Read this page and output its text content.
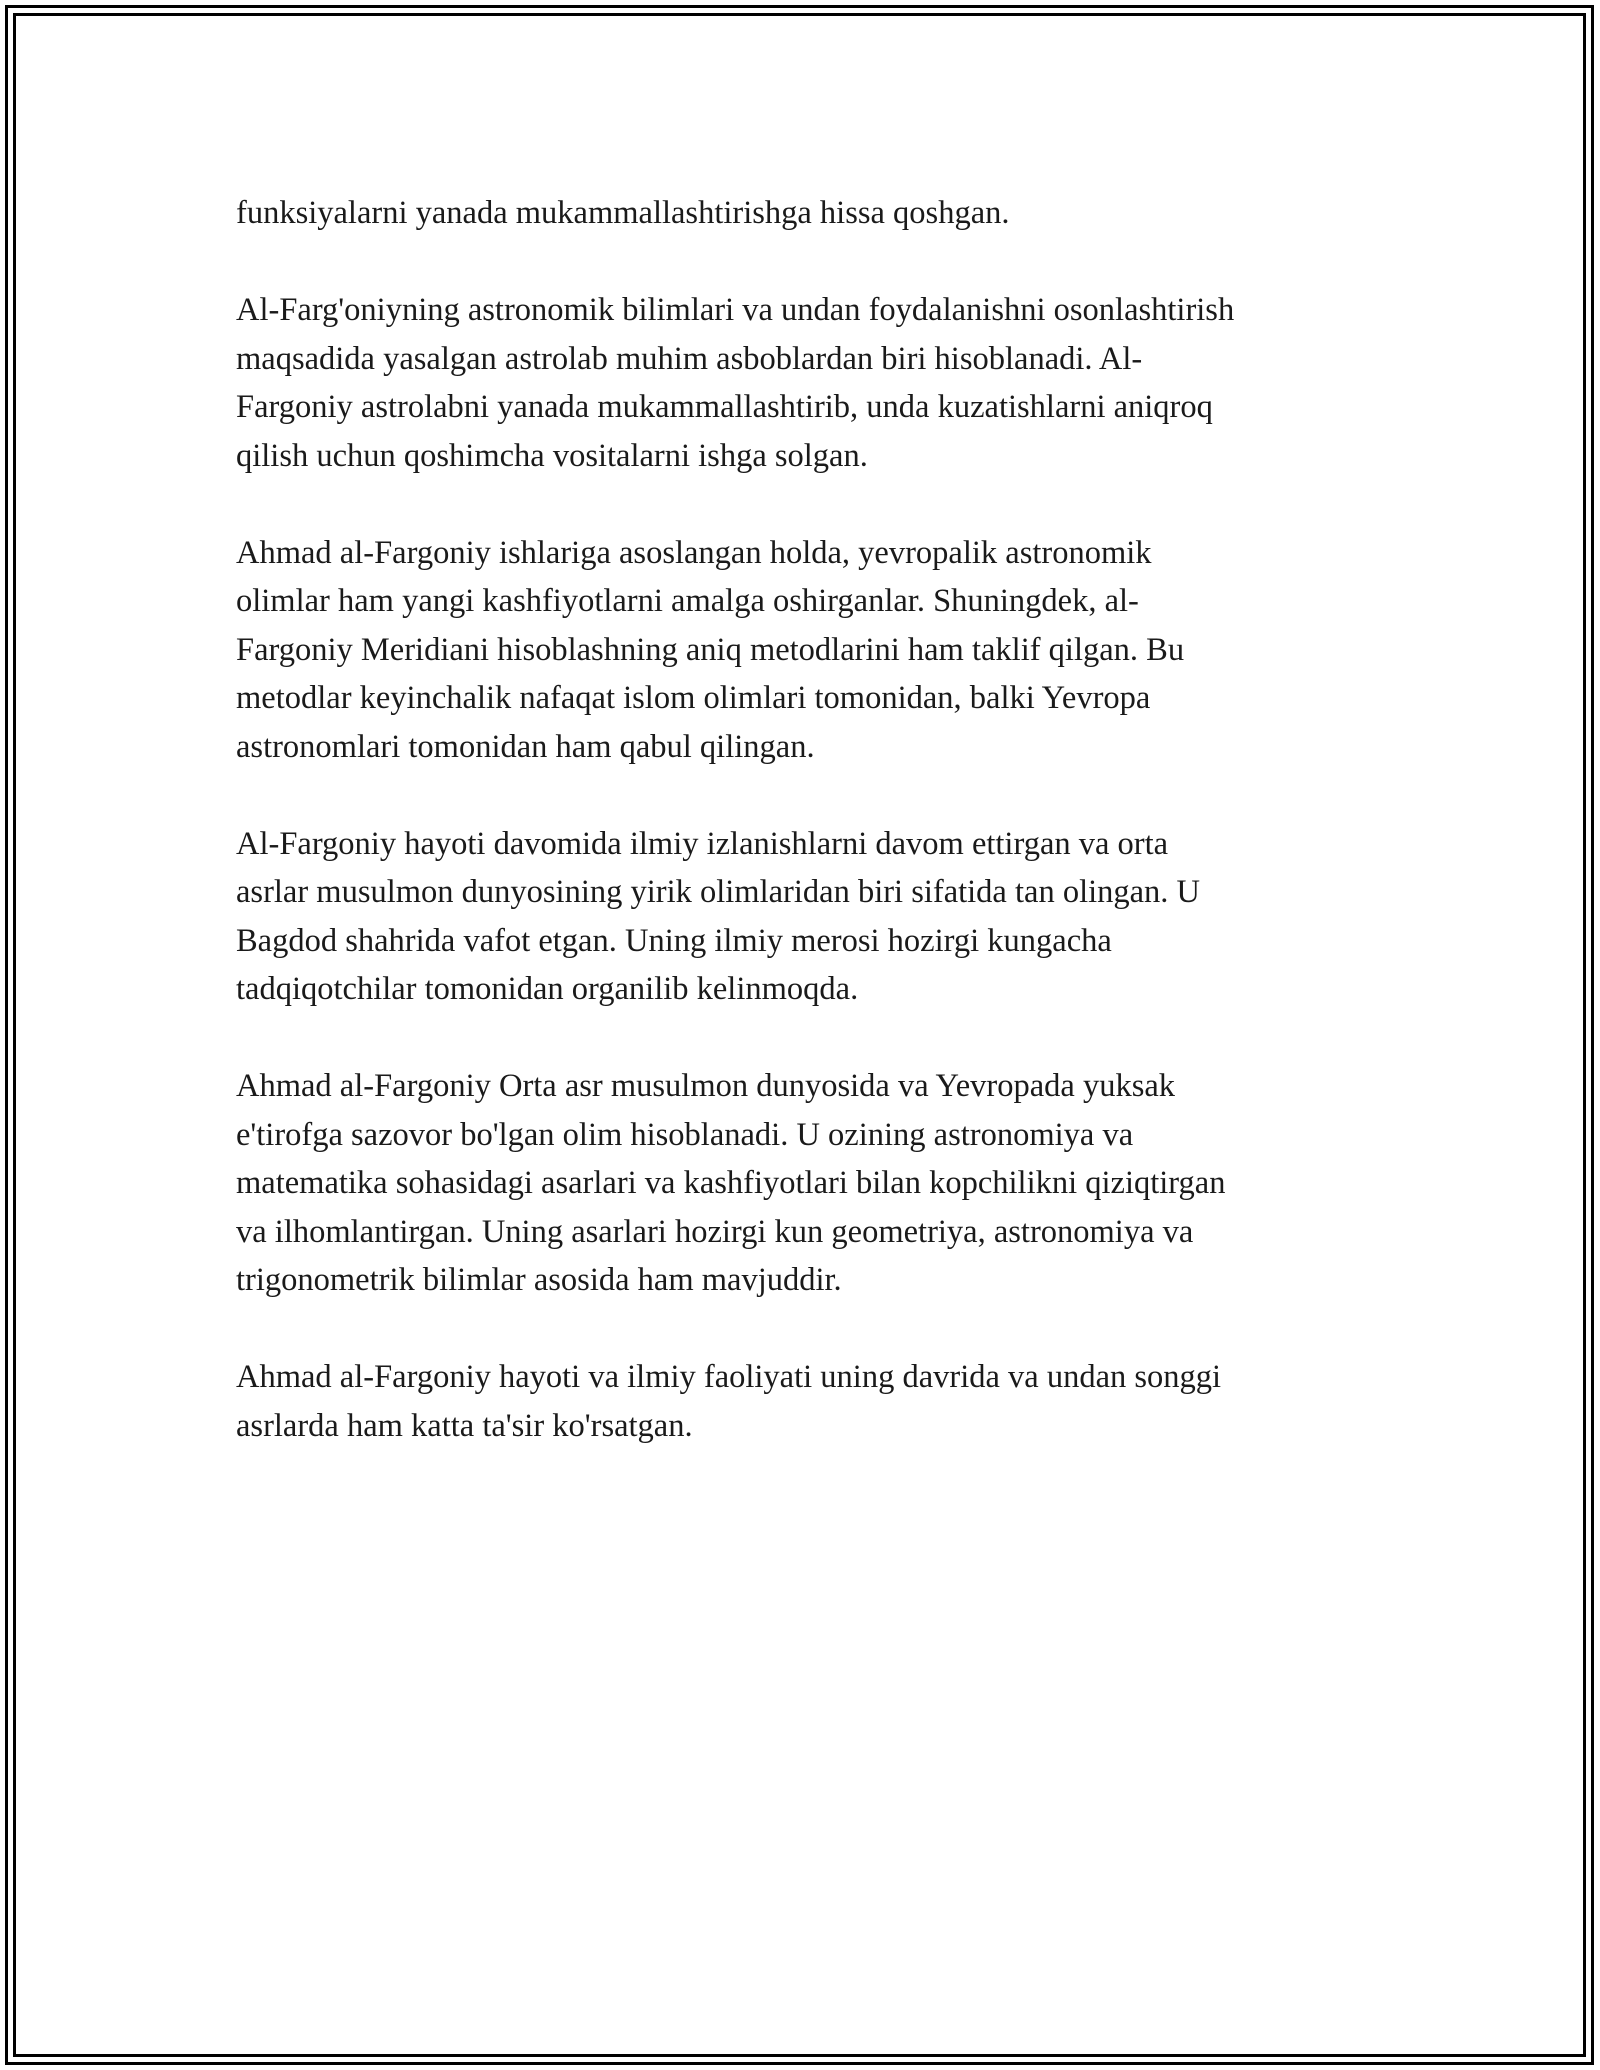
funksiyalarni yanada mukammallashtirishga hissa qoshgan.
Al-Farg'oniyning astronomik bilimlari va undan foydalanishni osonlashtirish
maqsadida yasalgan astrolab muhim asboblardan biri hisoblanadi. Al-
Fargoniy astrolabni yanada mukammallashtirib, unda kuzatishlarni aniqroq
qilish uchun qoshimcha vositalarni ishga solgan.
Ahmad al-Fargoniy ishlariga asoslangan holda, yevropalik astronomik
olimlar ham yangi kashfiyotlarni amalga oshirganlar. Shuningdek, al-
Fargoniy Meridiani hisoblashning aniq metodlarini ham taklif qilgan. Bu
metodlar keyinchalik nafaqat islom olimlari tomonidan, balki Yevropa
astronomlari tomonidan ham qabul qilingan.
Al-Fargoniy hayoti davomida ilmiy izlanishlarni davom ettirgan va orta
asrlar musulmon dunyosining yirik olimlaridan biri sifatida tan olingan. U
Bagdod shahrida vafot etgan. Uning ilmiy merosi hozirgi kungacha
tadqiqotchilar tomonidan organilib kelinmoqda.
Ahmad al-Fargoniy Orta asr musulmon dunyosida va Yevropada yuksak
e'tirofga sazovor bo'lgan olim hisoblanadi. U ozining astronomiya va
matematika sohasidagi asarlari va kashfiyotlari bilan kopchilikni qiziqtirgan
va ilhomlantirgan. Uning asarlari hozirgi kun geometriya, astronomiya va
trigonometrik bilimlar asosida ham mavjuddir.
Ahmad al-Fargoniy hayoti va ilmiy faoliyati uning davrida va undan songgi
asrlarda ham katta ta'sir ko'rsatgan.
